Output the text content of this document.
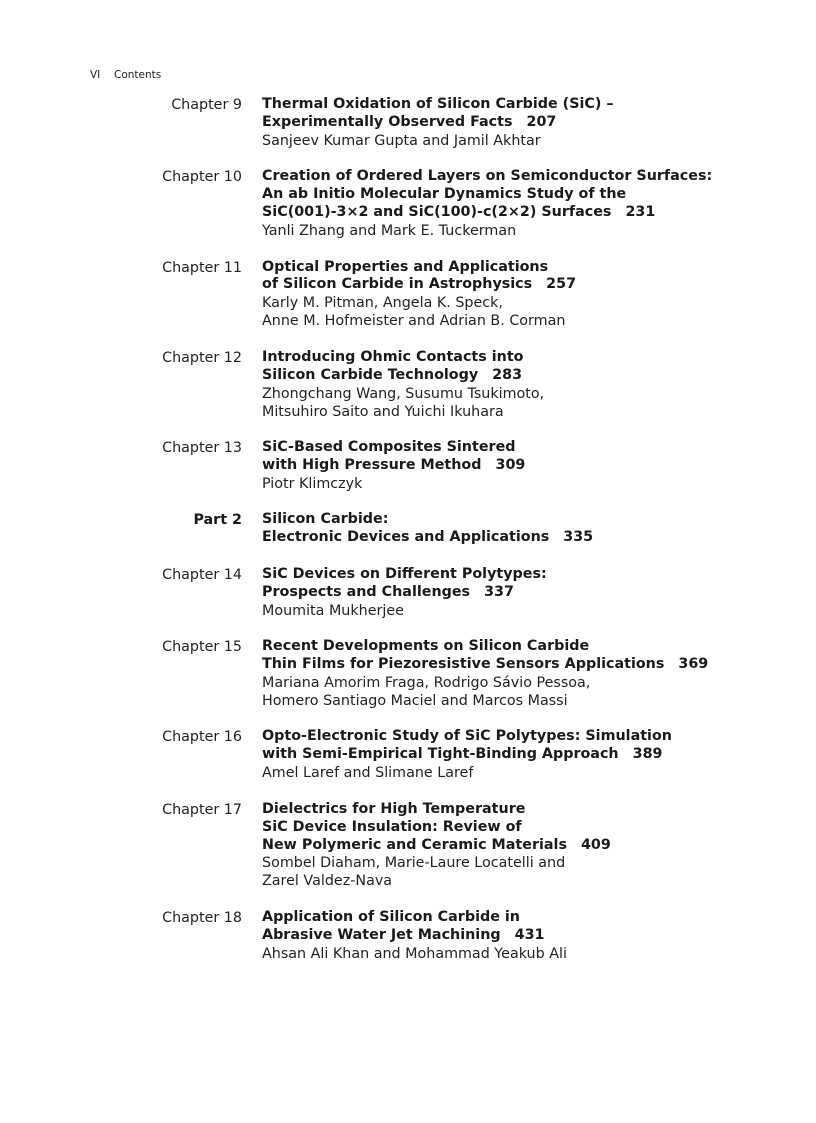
VI Contents
Chapter 9 Thermal Oxidation of Silicon Carbide (SiC) –
Experimentally Observed Facts 207
Sanjeev Kumar Gupta and Jamil Akhtar
Chapter 10 Creation of Ordered Layers on Semiconductor Surfaces:
An ab Initio Molecular Dynamics Study of the
SiC(001)-3×2 and SiC(100)-c(2×2) Surfaces 231
Yanli Zhang and Mark E. Tuckerman
Chapter 11 Optical Properties and Applications
of Silicon Carbide in Astrophysics 257
Karly M. Pitman, Angela K. Speck,
Anne M. Hofmeister and Adrian B. Corman
Chapter 12 Introducing Ohmic Contacts into
Silicon Carbide Technology 283
Zhongchang Wang, Susumu Tsukimoto,
Mitsuhiro Saito and Yuichi Ikuhara
Chapter 13 SiC-Based Composites Sintered
with High Pressure Method 309
Piotr Klimczyk
Part 2 Silicon Carbide:
Electronic Devices and Applications 335
Chapter 14 SiC Devices on Different Polytypes:
Prospects and Challenges 337
Moumita Mukherjee
Chapter 15 Recent Developments on Silicon Carbide
Thin Films for Piezoresistive Sensors Applications 369
Mariana Amorim Fraga, Rodrigo Sávio Pessoa,
Homero Santiago Maciel and Marcos Massi
Chapter 16 Opto-Electronic Study of SiC Polytypes: Simulation
with Semi-Empirical Tight-Binding Approach 389
Amel Laref and Slimane Laref
Chapter 17 Dielectrics for High Temperature
SiC Device Insulation: Review of
New Polymeric and Ceramic Materials 409
Sombel Diaham, Marie-Laure Locatelli and
Zarel Valdez-Nava
Chapter 18 Application of Silicon Carbide in
Abrasive Water Jet Machining 431
Ahsan Ali Khan and Mohammad Yeakub Ali
